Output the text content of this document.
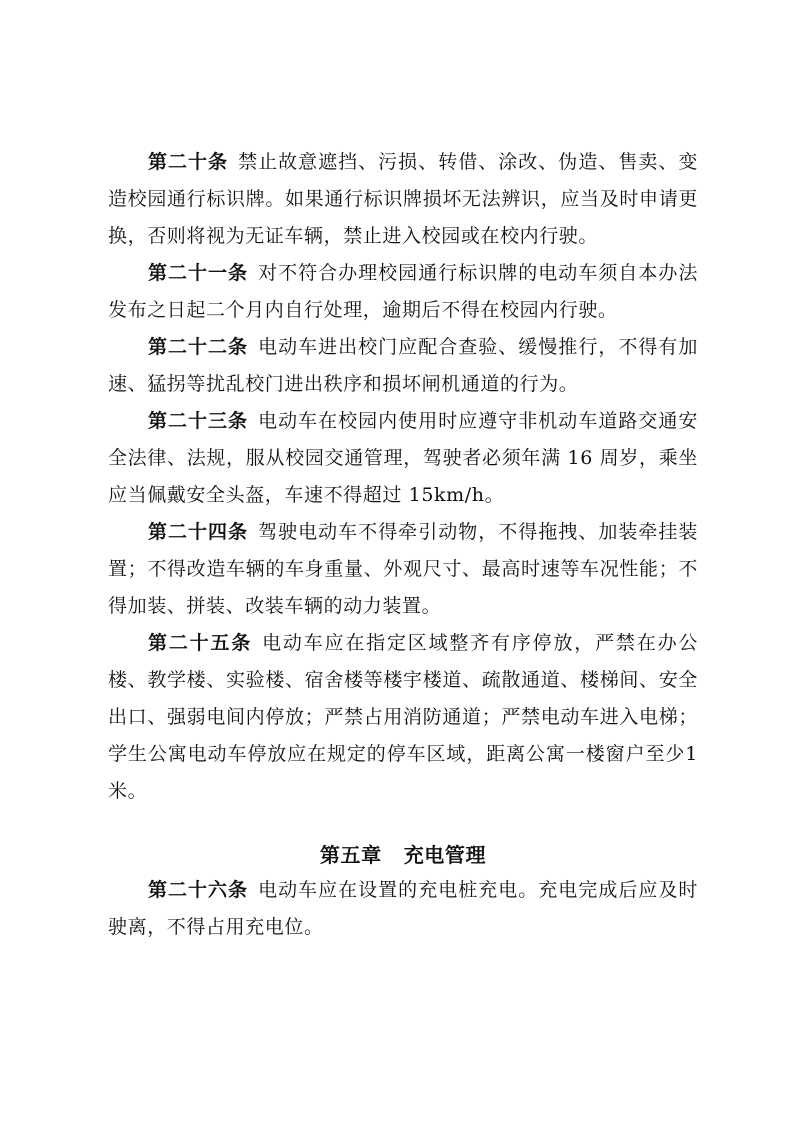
第二十条 禁止故意遮挡、污损、转借、涂改、伪造、售卖、变造校园通行标识牌。如果通行标识牌损坏无法辨识，应当及时申请更换，否则将视为无证车辆，禁止进入校园或在校内行驶。

第二十一条 对不符合办理校园通行标识牌的电动车须自本办法发布之日起二个月内自行处理，逾期后不得在校园内行驶。

第二十二条 电动车进出校门应配合查验、缓慢推行，不得有加速、猛拐等扰乱校门进出秩序和损坏闸机通道的行为。

第二十三条 电动车在校园内使用时应遵守非机动车道路交通安全法律、法规，服从校园交通管理，驾驶者必须年满 16 周岁，乘坐应当佩戴安全头盔，车速不得超过 15km/h。

第二十四条 驾驶电动车不得牵引动物，不得拖拽、加装牵挂装置；不得改造车辆的车身重量、外观尺寸、最高时速等车况性能；不得加装、拼装、改装车辆的动力装置。

第二十五条 电动车应在指定区域整齐有序停放，严禁在办公楼、教学楼、实验楼、宿舍楼等楼宇楼道、疏散通道、楼梯间、安全出口、强弱电间内停放；严禁占用消防通道；严禁电动车进入电梯；学生公寓电动车停放应在规定的停车区域，距离公寓一楼窗户至少1米。

第五章 充电管理

第二十六条 电动车应在设置的充电桩充电。充电完成后应及时驶离，不得占用充电位。
